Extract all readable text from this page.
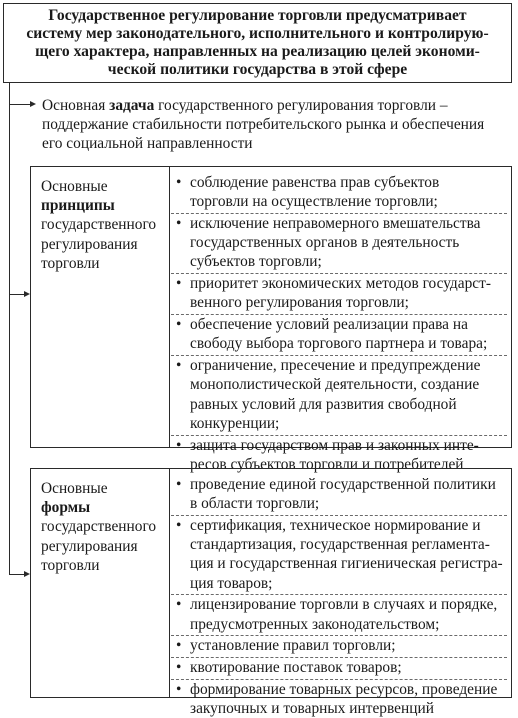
Государственное регулирование торговли предусматривает
систему мер законодательного, исполнительного и контролирую-
щего характера, направленных на реализацию целей экономи-
ческой политики государства в этой сфере
Основная задача государственного регулирования торговли –
поддержание стабильности потребительского рынка и обеспечения
его социальной направленности
Основные
принципы
государственного
регулирования
торговли
• соблюдение равенства прав субъектов
торговли на осуществление торговли;
• исключение неправомерного вмешательства
государственных органов в деятельность
субъектов торговли;
• приоритет экономических методов государст-
венного регулирования торговли;
• обеспечение условий реализации права на
свободу выбора торгового партнера и товара;
• ограничение, пресечение и предупреждение
монополистической деятельности, создание
равных условий для развития свободной
конкуренции;
• защита государством прав и законных инте-
ресов субъектов торговли и потребителей
Основные
формы
государственного
регулирования
торговли
• проведение единой государственной политики
в области торговли;
• сертификация, техническое нормирование и
стандартизация, государственная регламента-
ция и государственная гигиеническая регистра-
ция товаров;
• лицензирование торговли в случаях и порядке,
предусмотренных законодательством;
• установление правил торговли;
• квотирование поставок товаров;
• формирование товарных ресурсов, проведение
закупочных и товарных интервенций
